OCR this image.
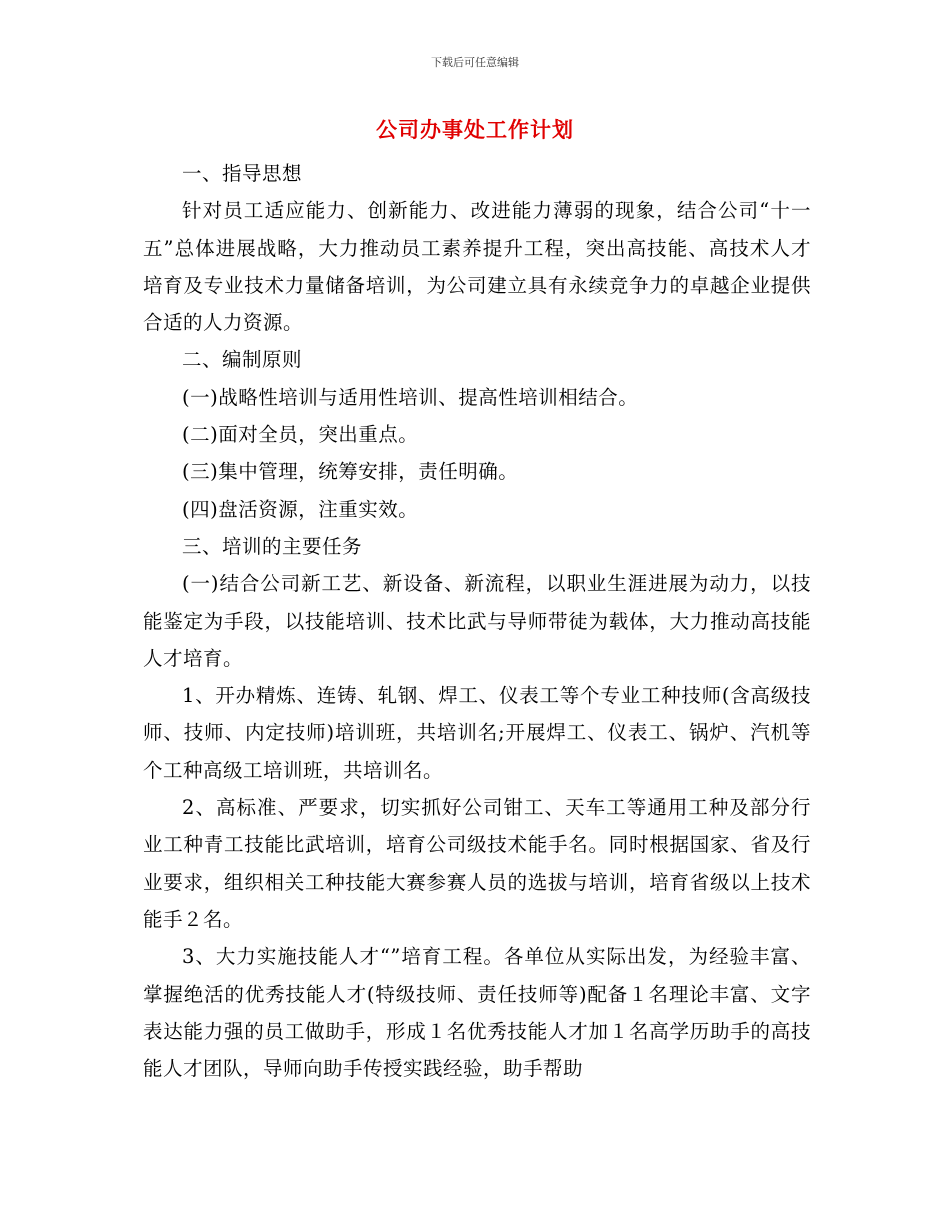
下载后可任意编辑
公司办事处工作计划

一、指导思想

针对员工适应能力、创新能力、改进能力薄弱的现象，结合公司“十一五”总体进展战略，大力推动员工素养提升工程，突出高技能、高技术人才培育及专业技术力量储备培训，为公司建立具有永续竞争力的卓越企业提供合适的人力资源。

二、编制原则

(一)战略性培训与适用性培训、提高性培训相结合。

(二)面对全员，突出重点。

(三)集中管理，统筹安排，责任明确。

(四)盘活资源，注重实效。

三、培训的主要任务

(一)结合公司新工艺、新设备、新流程，以职业生涯进展为动力，以技能鉴定为手段，以技能培训、技术比武与导师带徒为载体，大力推动高技能人才培育。

1、开办精炼、连铸、轧钢、焊工、仪表工等个专业工种技师(含高级技师、技师、内定技师)培训班，共培训名;开展焊工、仪表工、锅炉、汽机等个工种高级工培训班，共培训名。

2、高标准、严要求，切实抓好公司钳工、天车工等通用工种及部分行业工种青工技能比武培训，培育公司级技术能手名。同时根据国家、省及行业要求，组织相关工种技能大赛参赛人员的选拔与培训，培育省级以上技术能手２名。

3、大力实施技能人才“”培育工程。各单位从实际出发，为经验丰富、掌握绝活的优秀技能人才(特级技师、责任技师等)配备１名理论丰富、文字表达能力强的员工做助手，形成１名优秀技能人才加１名高学历助手的高技能人才团队，导师向助手传授实践经验，助手帮助
